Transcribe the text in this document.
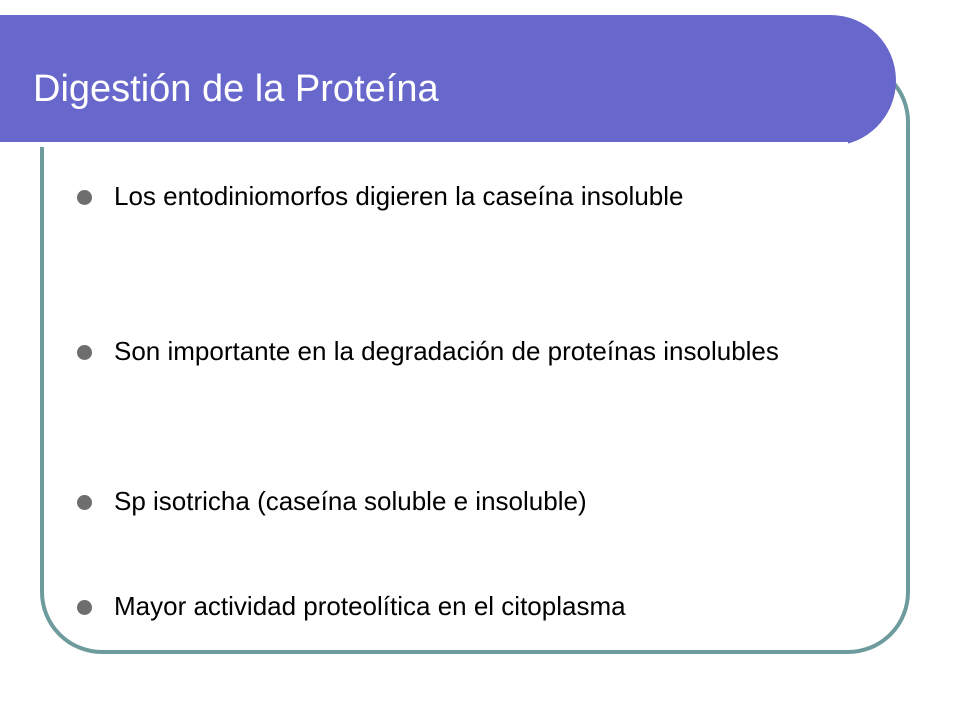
Digestión de la Proteína
Los entodiniomorfos digieren la caseína insoluble
Son importante en la degradación de proteínas insolubles
Sp isotricha (caseína soluble e insoluble)
Mayor actividad proteolítica en el citoplasma
